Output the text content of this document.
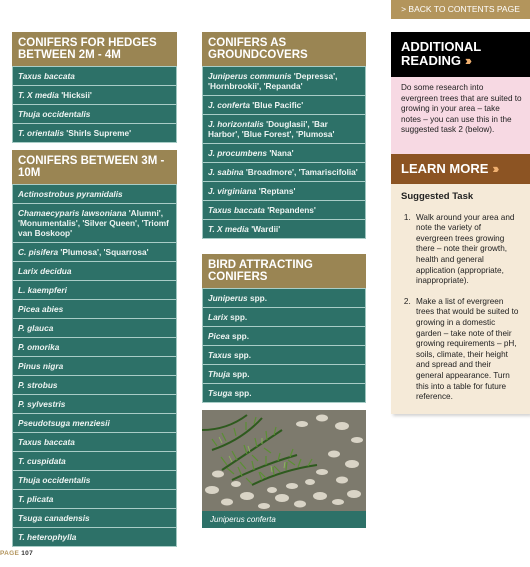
> BACK TO CONTENTS PAGE
CONIFERS FOR HEDGES BETWEEN 2M - 4M
Taxus baccata
T. X media 'Hicksii'
Thuja occidentalis
T. orientalis 'Shirls Supreme'
CONIFERS BETWEEN 3M - 10M
Actinostrobus pyramidalis
Chamaecyparis lawsoniana 'Alumni', 'Monumentalis', 'Silver Queen', 'Triomf van Boskoop'
C. pisifera 'Plumosa', 'Squarrosa'
Larix decidua
L. kaempferi
Picea abies
P. glauca
P. omorika
Pinus nigra
P. strobus
P. sylvestris
Pseudotsuga menziesii
Taxus baccata
T. cuspidata
Thuja occidentalis
T. plicata
Tsuga canadensis
T. heterophylla
CONIFERS AS GROUNDCOVERS
Juniperus communis 'Depressa', 'Hornbrookii', 'Repanda'
J. conferta 'Blue Pacific'
J. horizontalis 'Douglasii', 'Bar Harbor', 'Blue Forest', 'Plumosa'
J. procumbens 'Nana'
J. sabina 'Broadmore', 'Tamariscifolia'
J. virginiana 'Reptans'
Taxus baccata 'Repandens'
T. X media 'Wardii'
BIRD ATTRACTING CONIFERS
Juniperus spp.
Larix spp.
Picea spp.
Taxus spp.
Thuja spp.
Tsuga spp.
Juniperus conferta
ADDITIONAL READING ›››
Do some research into evergreen trees that are suited to growing in your area – take notes – you can use this in the suggested task 2 (below).
LEARN MORE ›››
Suggested Task
1. Walk around your area and note the variety of evergreen trees growing there – note their growth, health and general application (appropriate, inappropriate).
2. Make a list of evergreen trees that would be suited to growing in a domestic garden – take note of their growing requirements – pH, soils, climate, their height and spread and their general appearance. Turn this into a table for future reference.
PAGE 107
